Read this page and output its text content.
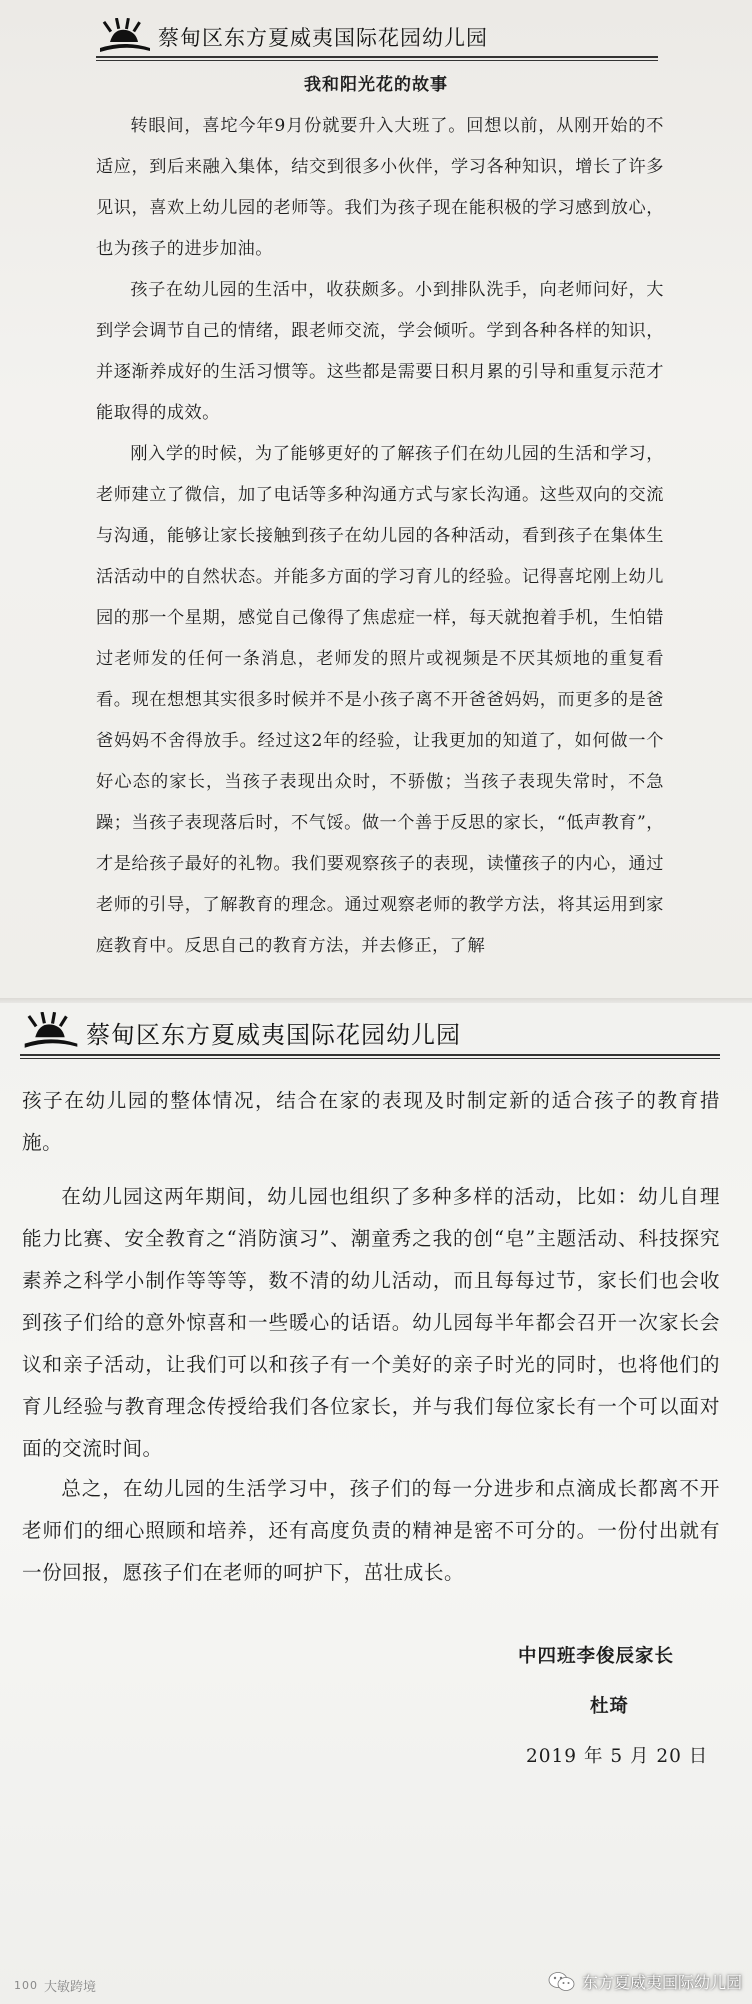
蔡甸区东方夏威夷国际花园幼儿园
我和阳光花的故事

转眼间，喜坨今年9月份就要升入大班了。回想以前，从刚开始的不适应，到后来融入集体，结交到很多小伙伴，学习各种知识，增长了许多见识，喜欢上幼儿园的老师等。我们为孩子现在能积极的学习感到放心，也为孩子的进步加油。

孩子在幼儿园的生活中，收获颇多。小到排队洗手，向老师问好，大到学会调节自己的情绪，跟老师交流，学会倾听。学到各种各样的知识，并逐渐养成好的生活习惯等。这些都是需要日积月累的引导和重复示范才能取得的成效。

刚入学的时候，为了能够更好的了解孩子们在幼儿园的生活和学习，老师建立了微信，加了电话等多种沟通方式与家长沟通。这些双向的交流与沟通，能够让家长接触到孩子在幼儿园的各种活动，看到孩子在集体生活活动中的自然状态。并能多方面的学习育儿的经验。记得喜坨刚上幼儿园的那一个星期，感觉自己像得了焦虑症一样，每天就抱着手机，生怕错过老师发的任何一条消息，老师发的照片或视频是不厌其烦地的重复看看。现在想想其实很多时候并不是小孩子离不开爸爸妈妈，而更多的是爸爸妈妈不舍得放手。经过这2年的经验，让我更加的知道了，如何做一个好心态的家长，当孩子表现出众时，不骄傲；当孩子表现失常时，不急躁；当孩子表现落后时，不气馁。做一个善于反思的家长，“低声教育”，才是给孩子最好的礼物。我们要观察孩子的表现，读懂孩子的内心，通过老师的引导，了解教育的理念。通过观察老师的教学方法，将其运用到家庭教育中。反思自己的教育方法，并去修正，了解

蔡甸区东方夏威夷国际花园幼儿园

孩子在幼儿园的整体情况，结合在家的表现及时制定新的适合孩子的教育措施。

在幼儿园这两年期间，幼儿园也组织了多种多样的活动，比如：幼儿自理能力比赛、安全教育之“消防演习”、潮童秀之我的创“皂”主题活动、科技探究素养之科学小制作等等等，数不清的幼儿活动，而且每每过节，家长们也会收到孩子们给的意外惊喜和一些暖心的话语。幼儿园每半年都会召开一次家长会议和亲子活动，让我们可以和孩子有一个美好的亲子时光的同时，也将他们的育儿经验与教育理念传授给我们各位家长，并与我们每位家长有一个可以面对面的交流时间。

总之，在幼儿园的生活学习中，孩子们的每一分进步和点滴成长都离不开老师们的细心照顾和培养，还有高度负责的精神是密不可分的。一份付出就有一份回报，愿孩子们在老师的呵护下，茁壮成长。

中四班李俊辰家长
杜琦
2019 年 5 月 20 日
100 大敏跨境	东方夏威夷国际幼儿园
